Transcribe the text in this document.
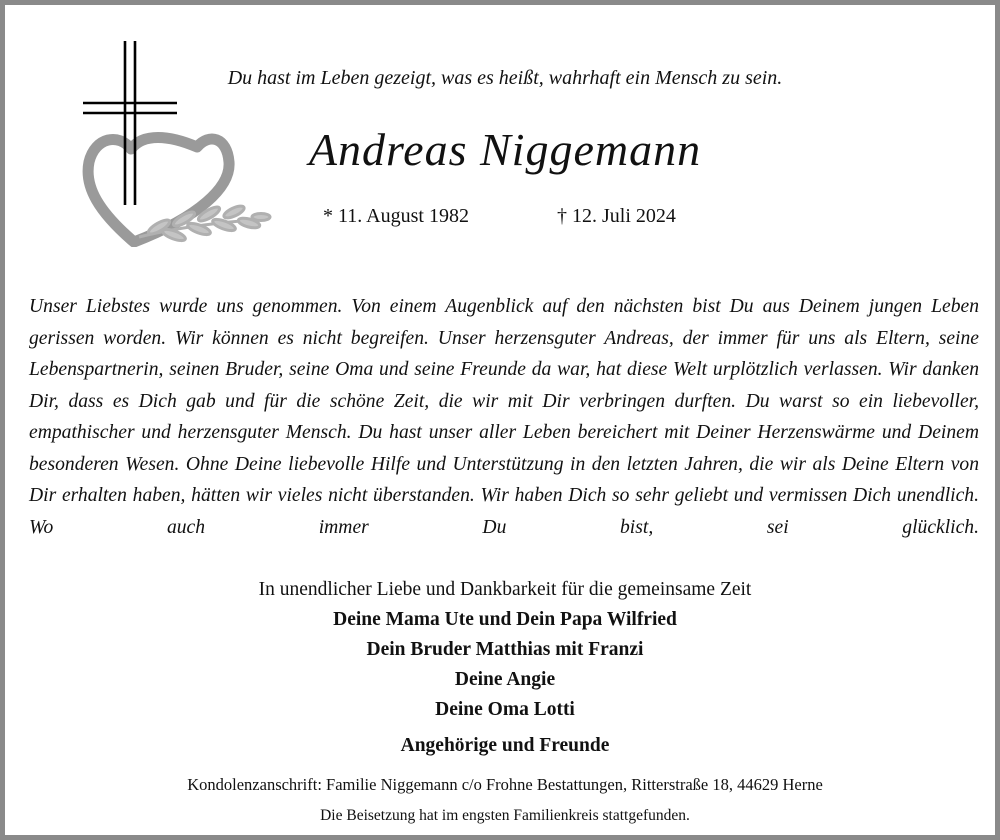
Du hast im Leben gezeigt, was es heißt, wahrhaft ein Mensch zu sein.
Andreas Niggemann
* 11. August 1982	† 12. Juli 2024

Unser Liebstes wurde uns genommen. Von einem Augenblick auf den nächsten bist Du aus Deinem jungen Leben gerissen worden. Wir können es nicht begreifen. Unser herzensguter Andreas, der immer für uns als Eltern, seine Lebenspartnerin, seinen Bruder, seine Oma und seine Freunde da war, hat diese Welt urplötzlich verlassen. Wir danken Dir, dass es Dich gab und für die schöne Zeit, die wir mit Dir verbringen durften. Du warst so ein liebevoller, empathischer und herzensguter Mensch. Du hast unser aller Leben bereichert mit Deiner Herzenswärme und Deinem besonderen Wesen. Ohne Deine liebevolle Hilfe und Unterstützung in den letzten Jahren, die wir als Deine Eltern von Dir erhalten haben, hätten wir vieles nicht überstanden. Wir haben Dich so sehr geliebt und vermissen Dich unendlich. Wo auch immer Du bist, sei glücklich.

In unendlicher Liebe und Dankbarkeit für die gemeinsame Zeit
Deine Mama Ute und Dein Papa Wilfried
Dein Bruder Matthias mit Franzi
Deine Angie
Deine Oma Lotti
Angehörige und Freunde
Kondolenzanschrift: Familie Niggemann c/o Frohne Bestattungen, Ritterstraße 18, 44629 Herne
Die Beisetzung hat im engsten Familienkreis stattgefunden.
